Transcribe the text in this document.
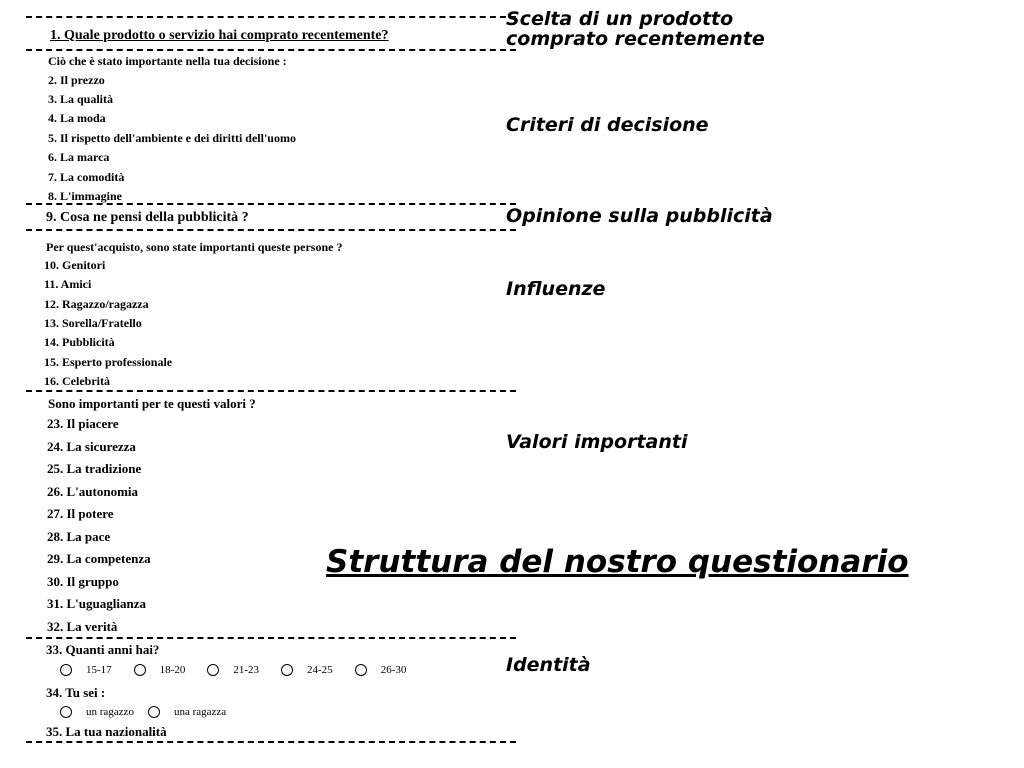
Scelta di un prodotto
comprato recentemente
Criteri di decisione
Opinione sulla pubblicità
Influenze
Valori importanti
Identità
Struttura del nostro questionario
1. Quale prodotto o servizio hai comprato recentemente?
Ciò che è stato importante nella tua decisione :
2. Il prezzo
3. La qualità
4. La moda
5. Il rispetto dell'ambiente e dei diritti dell'uomo
6. La marca
7. La comodità
8. L'immagine
9. Cosa ne pensi della pubblicità ?
Per quest'acquisto, sono state importanti queste persone ?
10. Genitori
11. Amici
12. Ragazzo/ragazza
13. Sorella/Fratello
14. Pubblicità
15. Esperto professionale
16. Celebrità
Sono importanti per te questi valori ?
23. Il piacere
24. La sicurezza
25. La tradizione
26. L'autonomia
27. Il potere
28. La pace
29. La competenza
30. Il gruppo
31. L'uguaglianza
32. La verità
33. Quanti anni hai?
15-17	18-20	21-23	24-25	26-30
34. Tu sei :
un ragazzo	una ragazza
35. La tua nazionalità
